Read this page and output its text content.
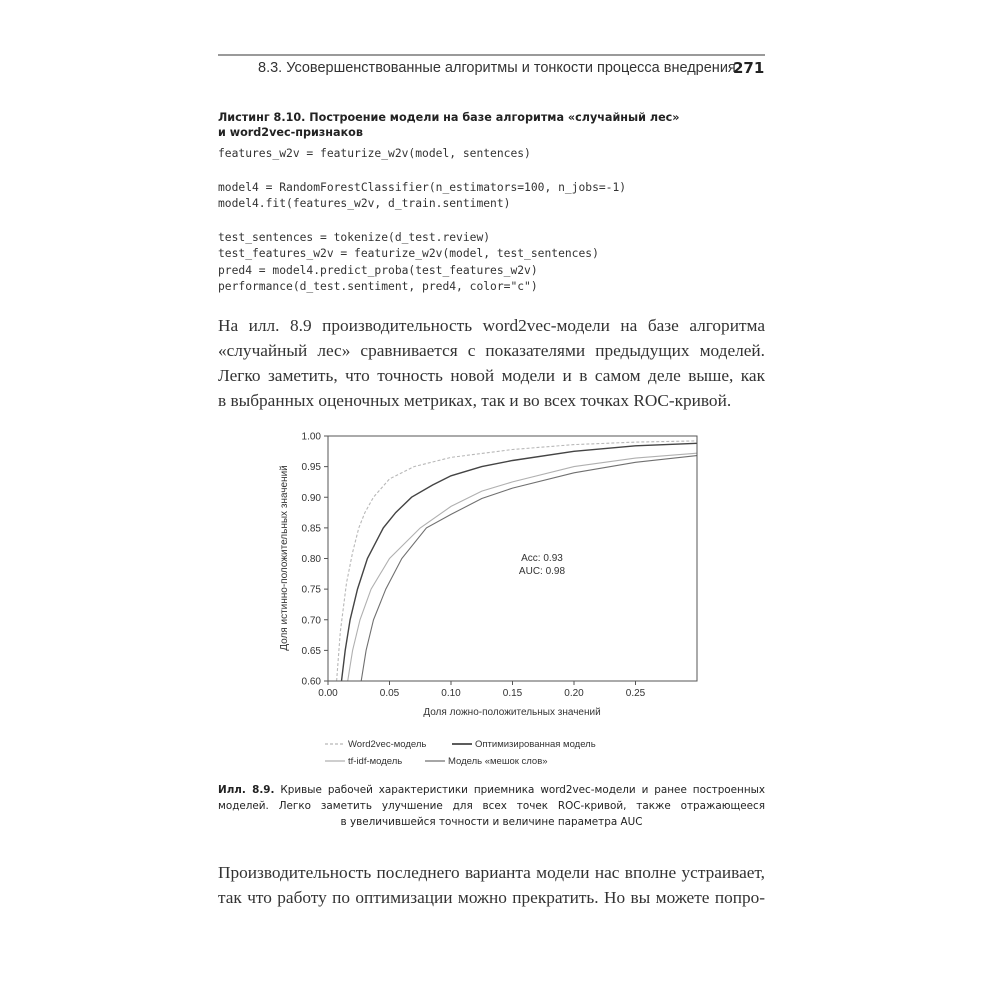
8.3. Усовершенствованные алгоритмы и тонкости процесса внедрения
271
Листинг 8.10. Построение модели на базе алгоритма «случайный лес»
и word2vec-признаков
features_w2v = featurize_w2v(model, sentences)
model4 = RandomForestClassifier(n_estimators=100, n_jobs=-1)
model4.fit(features_w2v, d_train.sentiment)
test_sentences = tokenize(d_test.review)
test_features_w2v = featurize_w2v(model, test_sentences)
pred4 = model4.predict_proba(test_features_w2v)
performance(d_test.sentiment, pred4, color="c")
На илл. 8.9 производительность word2vec-модели на базе алгоритма
«случайный лес» сравнивается с показателями предыдущих моделей.
Легко заметить, что точность новой модели и в самом деле выше, как
в выбранных оценочных метриках, так и во всех точках ROC-кривой.
0.00	0.05	0.10	0.15	0.20	0.25
0.60
0.65
0.70
0.75
0.80
0.85
0.90
0.95
1.00
Доля ложно-положительных значений
Доля истинно-положительных значений	Acc: 0.93
AUC: 0.98
Word2vec-модель	Оптимизированная модель
tf-idf-модель	Модель «мешок слов»
Илл. 8.9. Кривые рабочей характеристики приемника word2vec-модели и ранее построенных
моделей. Легко заметить улучшение для всех точек ROC-кривой, также отражающееся
в увеличившейся точности и величине параметра AUC
Производительность последнего варианта модели нас вполне устраивает,
так что работу по оптимизации можно прекратить. Но вы можете попро-
